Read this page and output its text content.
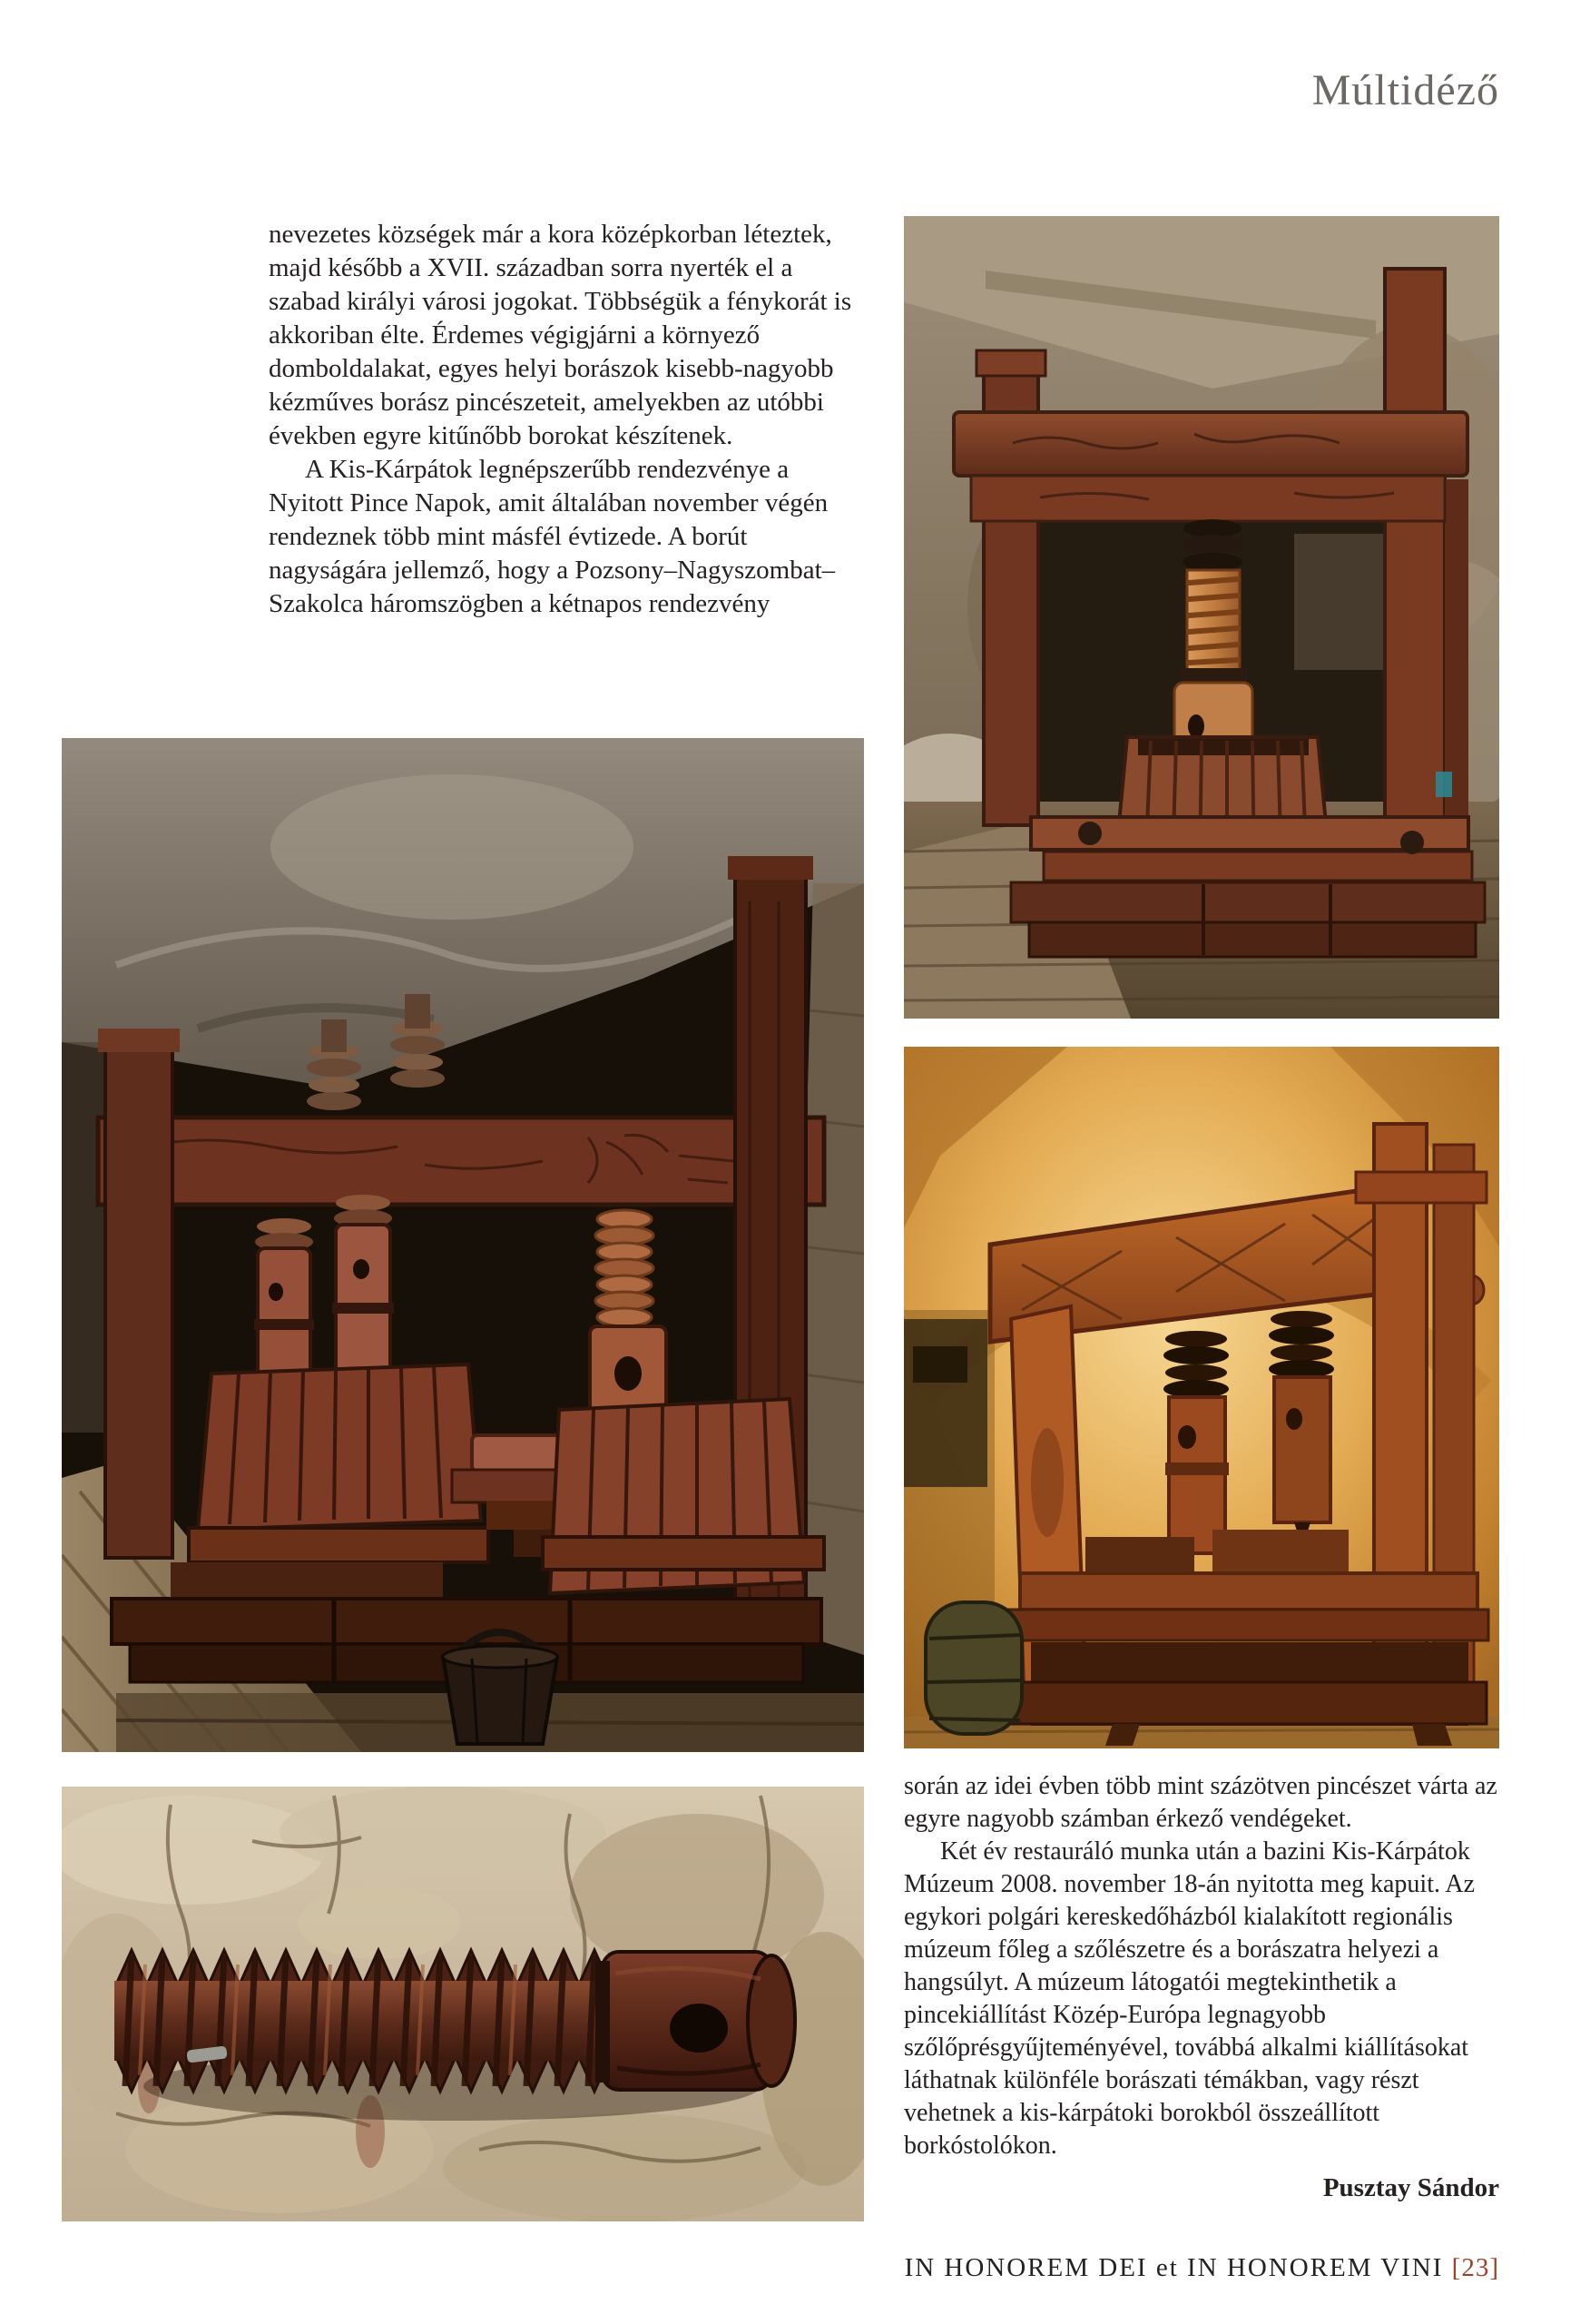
Múltidéző

nevezetes községek már a kora középkorban léteztek, majd később a XVII. században sorra nyerték el a szabad királyi városi jogokat. Többségük a fénykorát is akkoriban élte. Érdemes végigjárni a környező domboldalakat, egyes helyi borászok kisebb-nagyobb kézműves borász pincészeteit, amelyekben az utóbbi években egyre kitűnőbb borokat készítenek.

A Kis-Kárpátok legnépszerűbb rendezvénye a Nyitott Pince Napok, amit általában november végén rendeznek több mint másfél évtizede. A borút nagyságára jellemző, hogy a Pozsony–Nagyszombat–Szakolca háromszögben a kétnapos rendezvény

során az idei évben több mint százötven pincészet várta az egyre nagyobb számban érkező vendégeket.

Két év restauráló munka után a bazini Kis-Kárpátok Múzeum 2008. november 18-án nyitotta meg kapuit. Az egykori polgári kereskedőházból kialakított regionális múzeum főleg a szőlészetre és a borászatra helyezi a hangsúlyt. A múzeum látogatói megtekinthetik a pincekiállítást Közép-Európa legnagyobb szőlőprésgyűjteményével, továbbá alkalmi kiállításokat láthatnak különféle borászati témákban, vagy részt vehetnek a kis-kárpátoki borokból összeállított borkóstolókon.

Pusztay Sándor
IN HONOREM DEI et IN HONOREM VINI [23]
